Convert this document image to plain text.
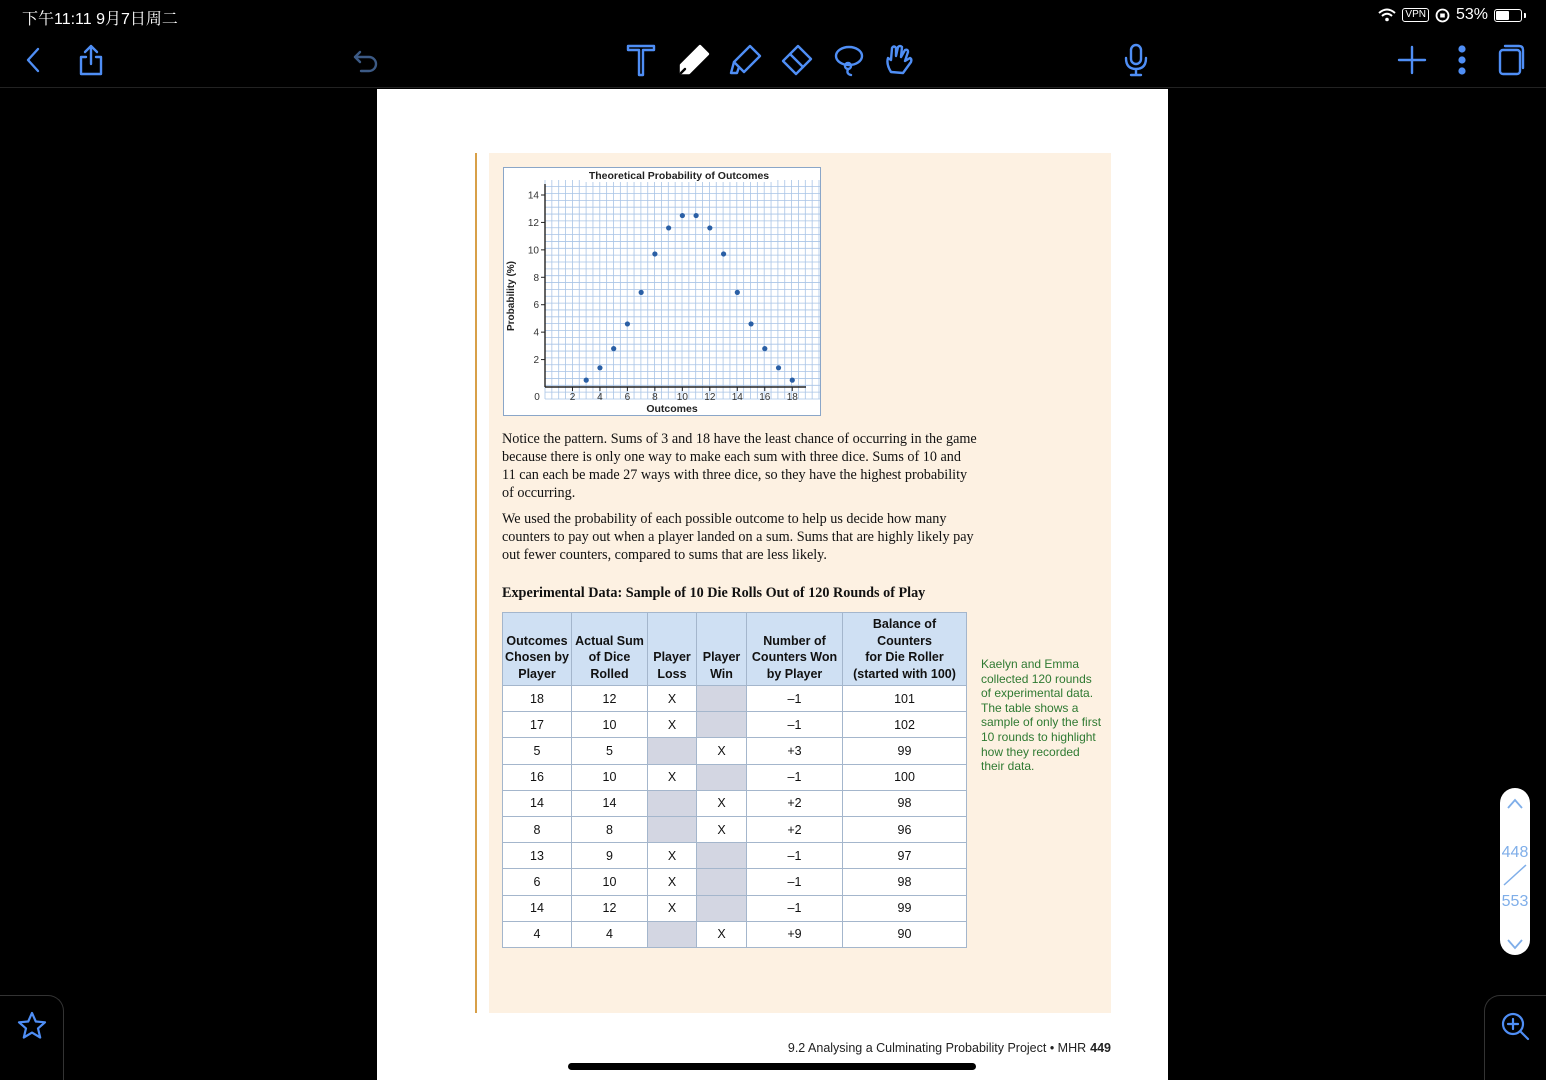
下午11:11 9月7日周二	VPN 53%
Theoretical Probability of Outcomes
2
4
6
8
10
12
14
2 4 6 8 10 12 14 16 18
0
Outcomes
Probability (%)

Notice the pattern. Sums of 3 and 18 have the least chance of occurring in the game because there is only one way to make each sum with three dice. Sums of 10 and 11 can each be made 27 ways with three dice, so they have the highest probability of occurring.

We used the probability of each possible outcome to help us decide how many counters to pay out when a player landed on a sum. Sums that are highly likely pay out fewer counters, compared to sums that are less likely.

Experimental Data: Sample of 10 Die Rolls Out of 120 Rounds of Play
Outcomes
Chosen by
Player	Actual Sum
of Dice
Rolled	Player
Loss	Player
Win	Number of
Counters Won
by Player	Balance of Counters
for Die Roller
(started with 100)

18	12	X		–1	101
17	10	X		–1	102
5	5		X	+3	99
16	10	X		–1	100
14	14		X	+2	98
8	8		X	+2	96
13	9	X		–1	97
6	10	X		–1	98
14	12	X		–1	99
4	4		X	+9	90
Kaelyn and Emma collected 120 rounds of experimental data. The table shows a sample of only the first 10 rounds to highlight how they recorded their data.
9.2 Analysing a Culminating Probability Project • MHR 449
448
553
